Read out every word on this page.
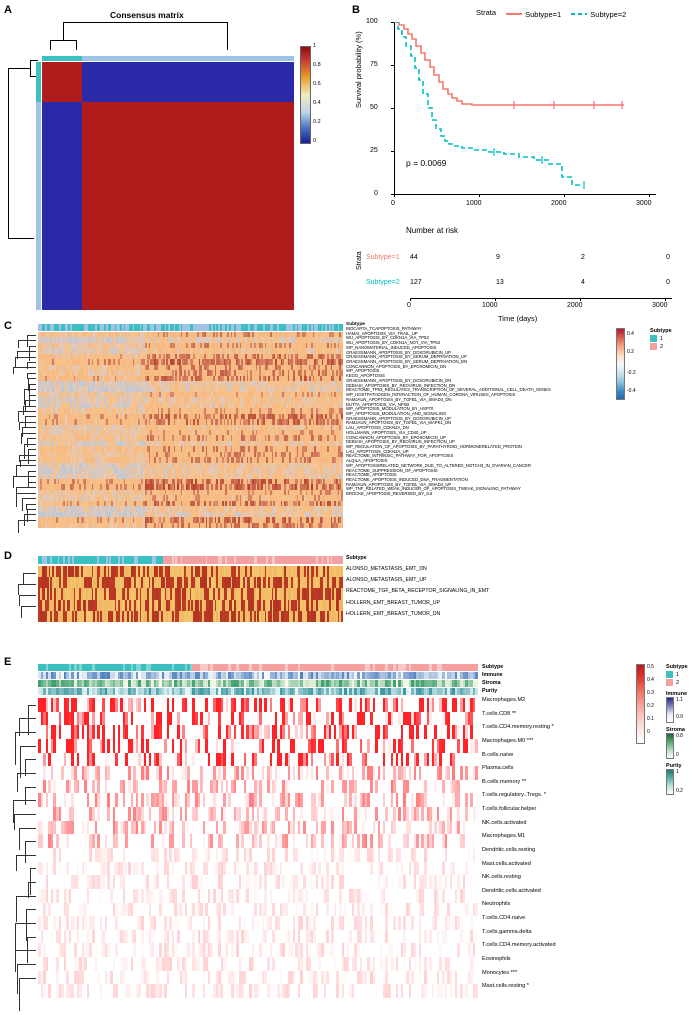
A	Consensus matrix
1
0.8
0.6
0.4
0.2
0
B	Strata	Subtype=1
	Subtype=2
Survival probability (%)
0
25
50
75
100
0	1000	2000	3000
p = 0.0069
Number at risk
Strata Subtype=1
Subtype=2
44	9	2	0
127	13	4	0
0	1000	2000	3000
Time (days)
C	Subtype
BIOCARTA_TCAPOPTOSIS_PATHWAY
HAMAI_APOPTOSIS_VIA_TRAIL_UP
WU_APOPTOSIS_BY_CDKN1A_VIA_TP53
WU_APOPTOSIS_BY_CDKN1A_NOT_VIA_TP53
WP_NANOMATERIAL_INDUCED_APOPTOSIS
GRAESSMANN_APOPTOSIS_BY_DOXORUBICIN_UP
GRAESSMANN_APOPTOSIS_BY_SERUM_DEPRIVATION_UP
GRAESSMANN_APOPTOSIS_BY_SERUM_DEPRIVATION_DN
CONCANNON_APOPTOSIS_BY_EPOXOMICIN_DN
WP_APOPTOSIS
KEGG_APOPTOSIS
GRAESSMANN_APOPTOSIS_BY_DOXORUBICIN_DN
DEBIASI_APOPTOSIS_BY_REOVIRUS_INFECTION_DN
REACTOME_TP53_REGULATES_TRANSCRIPTION_OF_SEVERAL_ADDITIONAL_CELL_DEATH_GENES
WP_HOSTPATHOGEN_INTERACTION_OF_HUMAN_CORONA_VIRUSES_APOPTOSIS
RAMJAUN_APOPTOSIS_BY_TGFB1_VIA_SMAD4_DN
DUTTA_APOPTOSIS_VIA_NFKB
WP_APOPTOSIS_MODULATION_BY_HSP70
WP_APOPTOSIS_MODULATION_AND_SIGNALING
GRAESSMANN_APOPTOSIS_BY_DOXORUBICIN_UP
RAMJAUN_APOPTOSIS_BY_TGFB1_VIA_MAPK1_DN
LAU_APOPTOSIS_CDKN2A_DN
HOLLMANN_APOPTOSIS_VIA_CD40_UP
CONCANNON_APOPTOSIS_BY_EPOXOMICIN_UP
DEBIASI_APOPTOSIS_BY_REOVIRUS_INFECTION_UP
WP_REGULATION_OF_APOPTOSIS_BY_PARATHYROID_HORMONERELATED_PROTEIN
LAU_APOPTOSIS_CDKN2A_UP
REACTOME_INTRINSIC_PATHWAY_FOR_APOPTOSIS
ALQILA_APOPTOSIS
WP_APOPTOSISRELATED_NETWORK_DUE_TO_ALTERED_NOTCH3_IN_OVARIAN_CANCER
REACTOME_SUPPRESSION_OF_APOPTOSIS
REACTOME_APOPTOSIS
REACTOME_APOPTOSIS_INDUCED_DNA_FRAGMENTATION
RAMJAUN_APOPTOSIS_BY_TGFB1_VIA_SMAD4_UP
WP_TNF_RELATED_WEAK_INDUCER_OF_APOPTOSIS_TWEAK_SIGNALING_PATHWAY
BROCKE_APOPTOSIS_REVERSED_BY_IL6
0.4
0.2
-0.2
-0.4
Subtype
1
2
D	Subtype
ALONSO_METASTASIS_EMT_DN
ALONSO_METASTASIS_EMT_UP
REACTOME_TGF_BETA_RECEPTOR_SIGNALING_IN_EMT
HOLLERN_EMT_BREAST_TUMOR_UP
HOLLERN_EMT_BREAST_TUMOR_DN
E
Macrophages.M2
T.cells.CD8 **
T.cells.CD4.memory.resting *
Macrophages.M0 ***
B.cells.naive
Plasma.cells
B.cells.memory **
T.cells.regulatory..Tregs. *
T.cells.follicular.helper
NK.cells.activated
Macrophages.M1
Dendritic.cells.resting
Mast.cells.activated
NK.cells.resting
Dendritic.cells.activated
Neutrophils
T.cells.CD4.naive
T.cells.gamma.delta
T.cells.CD4.memory.activated
Eosinophils
Monocytes ***
Mast.cells.resting *
0.5
0.4
0.3
0.2
0.1
0
Subtype
1
2
Immune
1.1
0.9
Stroma
0.8
0
Purity
1
0.2
Subtype
Immune
Stroma
Purity
